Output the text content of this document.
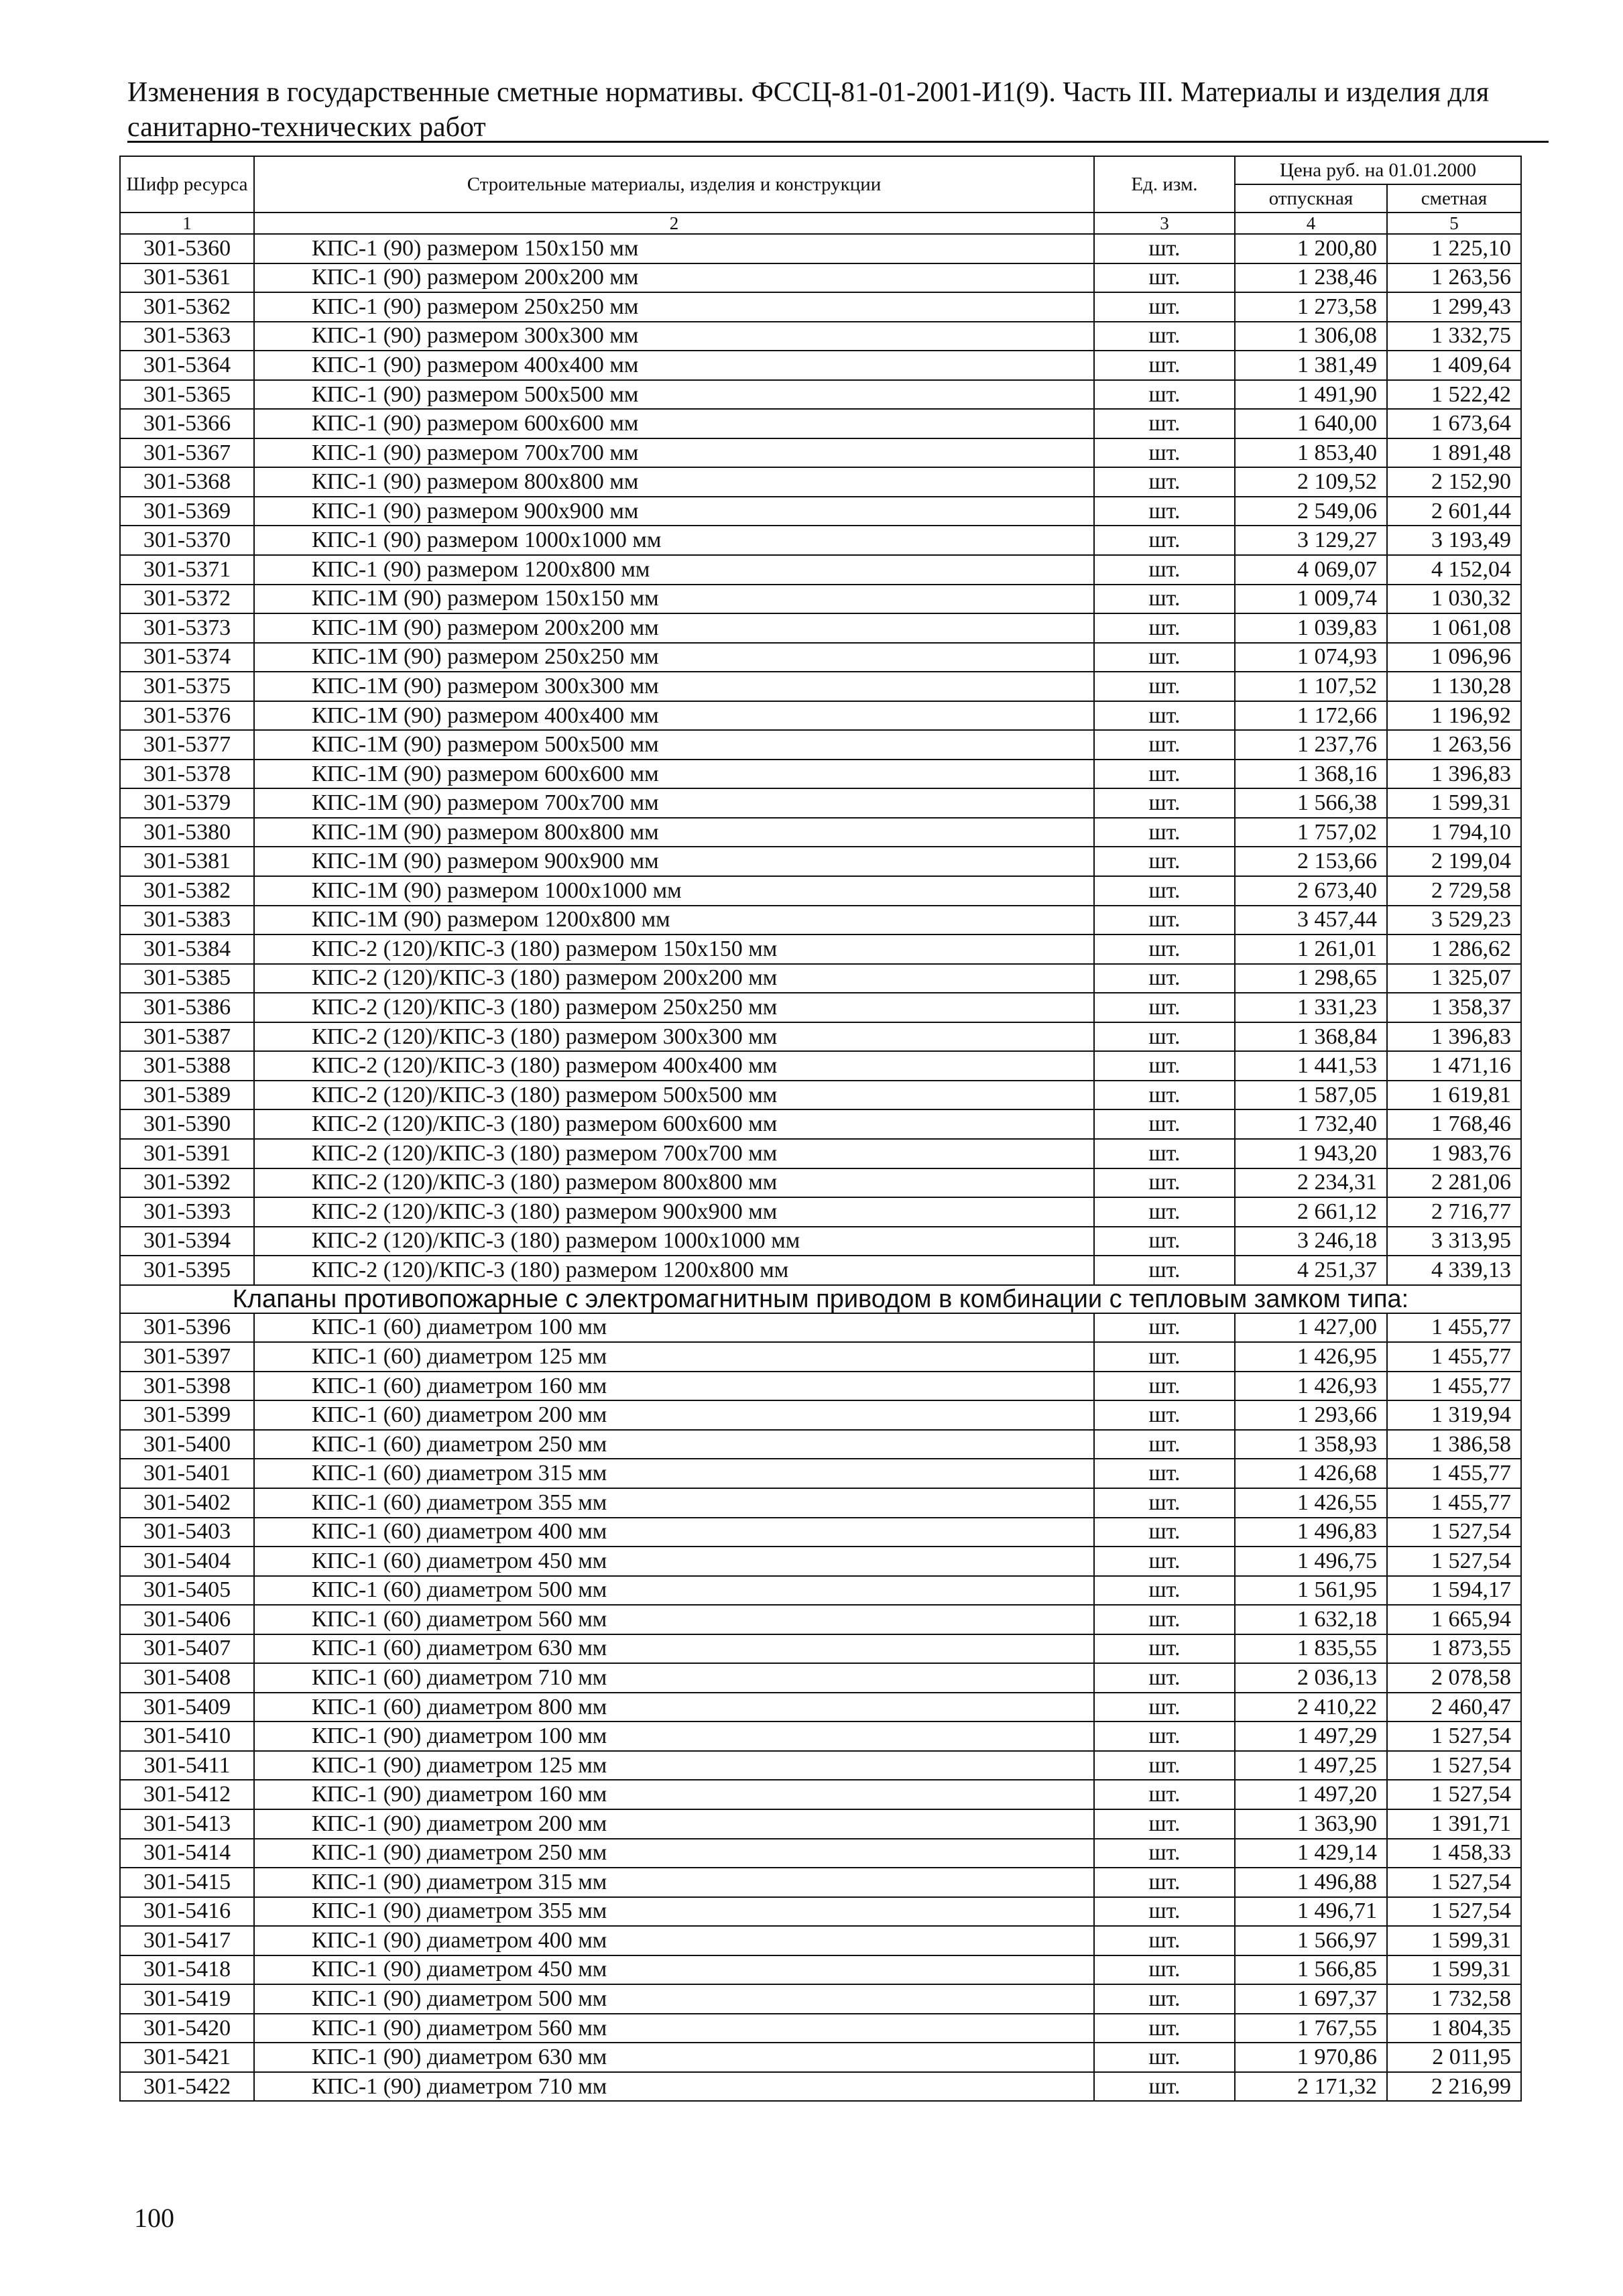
Изменения в государственные сметные нормативы. ФССЦ-81-01-2001-И1(9). Часть III. Материалы и изделия для санитарно-технических работ
Шифр ресурса	Строительные материалы, изделия и конструкции	Ед. изм.	Цена руб. на 01.01.2000	
			отпускная	сметная
1	2	3	4	5
301-5360	КПС-1 (90) размером 150х150 мм	шт.	1 200,80	1 225,10
301-5361	КПС-1 (90) размером 200х200 мм	шт.	1 238,46	1 263,56
301-5362	КПС-1 (90) размером 250х250 мм	шт.	1 273,58	1 299,43
301-5363	КПС-1 (90) размером 300х300 мм	шт.	1 306,08	1 332,75
301-5364	КПС-1 (90) размером 400х400 мм	шт.	1 381,49	1 409,64
301-5365	КПС-1 (90) размером 500х500 мм	шт.	1 491,90	1 522,42
301-5366	КПС-1 (90) размером 600х600 мм	шт.	1 640,00	1 673,64
301-5367	КПС-1 (90) размером 700х700 мм	шт.	1 853,40	1 891,48
301-5368	КПС-1 (90) размером 800х800 мм	шт.	2 109,52	2 152,90
301-5369	КПС-1 (90) размером 900х900 мм	шт.	2 549,06	2 601,44
301-5370	КПС-1 (90) размером 1000х1000 мм	шт.	3 129,27	3 193,49
301-5371	КПС-1 (90) размером 1200х800 мм	шт.	4 069,07	4 152,04
301-5372	КПС-1М (90) размером 150х150 мм	шт.	1 009,74	1 030,32
301-5373	КПС-1М (90) размером 200х200 мм	шт.	1 039,83	1 061,08
301-5374	КПС-1М (90) размером 250х250 мм	шт.	1 074,93	1 096,96
301-5375	КПС-1М (90) размером 300х300 мм	шт.	1 107,52	1 130,28
301-5376	КПС-1М (90) размером 400х400 мм	шт.	1 172,66	1 196,92
301-5377	КПС-1М (90) размером 500х500 мм	шт.	1 237,76	1 263,56
301-5378	КПС-1М (90) размером 600х600 мм	шт.	1 368,16	1 396,83
301-5379	КПС-1М (90) размером 700х700 мм	шт.	1 566,38	1 599,31
301-5380	КПС-1М (90) размером 800х800 мм	шт.	1 757,02	1 794,10
301-5381	КПС-1М (90) размером 900х900 мм	шт.	2 153,66	2 199,04
301-5382	КПС-1М (90) размером 1000х1000 мм	шт.	2 673,40	2 729,58
301-5383	КПС-1М (90) размером 1200х800 мм	шт.	3 457,44	3 529,23
301-5384	КПС-2 (120)/КПС-3 (180) размером 150х150 мм	шт.	1 261,01	1 286,62
301-5385	КПС-2 (120)/КПС-3 (180) размером 200х200 мм	шт.	1 298,65	1 325,07
301-5386	КПС-2 (120)/КПС-3 (180) размером 250х250 мм	шт.	1 331,23	1 358,37
301-5387	КПС-2 (120)/КПС-3 (180) размером 300х300 мм	шт.	1 368,84	1 396,83
301-5388	КПС-2 (120)/КПС-3 (180) размером 400х400 мм	шт.	1 441,53	1 471,16
301-5389	КПС-2 (120)/КПС-3 (180) размером 500х500 мм	шт.	1 587,05	1 619,81
301-5390	КПС-2 (120)/КПС-3 (180) размером 600х600 мм	шт.	1 732,40	1 768,46
301-5391	КПС-2 (120)/КПС-3 (180) размером 700х700 мм	шт.	1 943,20	1 983,76
301-5392	КПС-2 (120)/КПС-3 (180) размером 800х800 мм	шт.	2 234,31	2 281,06
301-5393	КПС-2 (120)/КПС-3 (180) размером 900х900 мм	шт.	2 661,12	2 716,77
301-5394	КПС-2 (120)/КПС-3 (180) размером 1000х1000 мм	шт.	3 246,18	3 313,95
301-5395	КПС-2 (120)/КПС-3 (180) размером 1200х800 мм	шт.	4 251,37	4 339,13
Клапаны противопожарные с электромагнитным приводом в комбинации с тепловым замком типа:				
301-5396	КПС-1 (60) диаметром 100 мм	шт.	1 427,00	1 455,77
301-5397	КПС-1 (60) диаметром 125 мм	шт.	1 426,95	1 455,77
301-5398	КПС-1 (60) диаметром 160 мм	шт.	1 426,93	1 455,77
301-5399	КПС-1 (60) диаметром 200 мм	шт.	1 293,66	1 319,94
301-5400	КПС-1 (60) диаметром 250 мм	шт.	1 358,93	1 386,58
301-5401	КПС-1 (60) диаметром 315 мм	шт.	1 426,68	1 455,77
301-5402	КПС-1 (60) диаметром 355 мм	шт.	1 426,55	1 455,77
301-5403	КПС-1 (60) диаметром 400 мм	шт.	1 496,83	1 527,54
301-5404	КПС-1 (60) диаметром 450 мм	шт.	1 496,75	1 527,54
301-5405	КПС-1 (60) диаметром 500 мм	шт.	1 561,95	1 594,17
301-5406	КПС-1 (60) диаметром 560 мм	шт.	1 632,18	1 665,94
301-5407	КПС-1 (60) диаметром 630 мм	шт.	1 835,55	1 873,55
301-5408	КПС-1 (60) диаметром 710 мм	шт.	2 036,13	2 078,58
301-5409	КПС-1 (60) диаметром 800 мм	шт.	2 410,22	2 460,47
301-5410	КПС-1 (90) диаметром 100 мм	шт.	1 497,29	1 527,54
301-5411	КПС-1 (90) диаметром 125 мм	шт.	1 497,25	1 527,54
301-5412	КПС-1 (90) диаметром 160 мм	шт.	1 497,20	1 527,54
301-5413	КПС-1 (90) диаметром 200 мм	шт.	1 363,90	1 391,71
301-5414	КПС-1 (90) диаметром 250 мм	шт.	1 429,14	1 458,33
301-5415	КПС-1 (90) диаметром 315 мм	шт.	1 496,88	1 527,54
301-5416	КПС-1 (90) диаметром 355 мм	шт.	1 496,71	1 527,54
301-5417	КПС-1 (90) диаметром 400 мм	шт.	1 566,97	1 599,31
301-5418	КПС-1 (90) диаметром 450 мм	шт.	1 566,85	1 599,31
301-5419	КПС-1 (90) диаметром 500 мм	шт.	1 697,37	1 732,58
301-5420	КПС-1 (90) диаметром 560 мм	шт.	1 767,55	1 804,35
301-5421	КПС-1 (90) диаметром 630 мм	шт.	1 970,86	2 011,95
301-5422	КПС-1 (90) диаметром 710 мм	шт.	2 171,32	2 216,99
100
